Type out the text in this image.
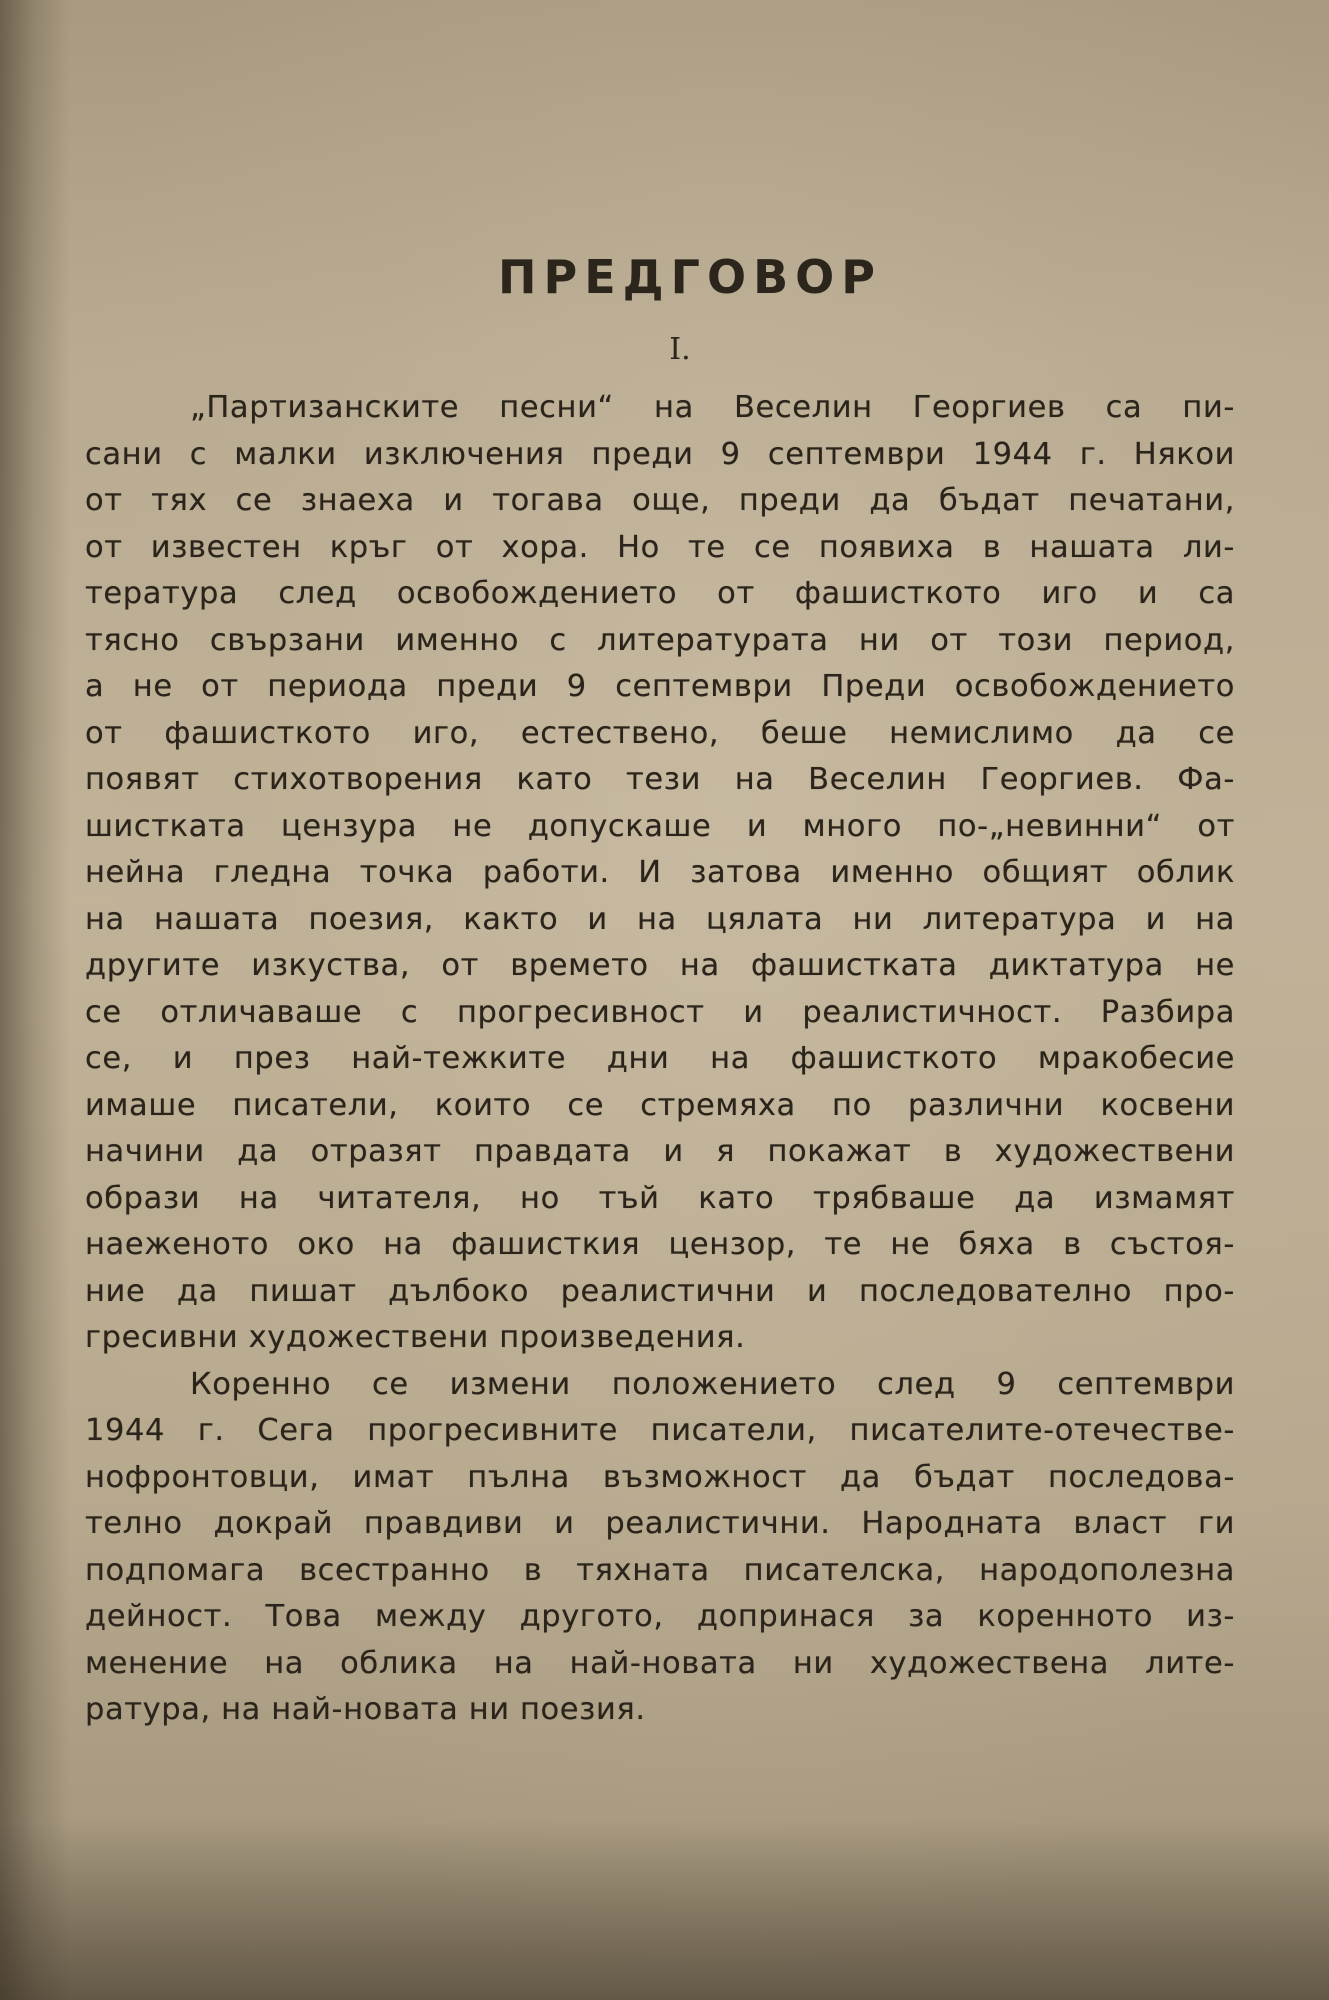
ПРЕДГОВОР
I.
„Партизанските песни“ на Веселин Георгиев са пи-
сани с малки изключения преди 9 септември 1944 г. Някои
от тях се знаеха и тогава още, преди да бъдат печатани,
от известен кръг от хора. Но те се появиха в нашата ли-
тература след освобождението от фашисткото иго и са
тясно свързани именно с литературата ни от този период,
а не от периода преди 9 септември Преди освобождението
от фашисткото иго, естествено, беше немислимо да се
появят стихотворения като тези на Веселин Георгиев. Фа-
шистката цензура не допускаше и много по-„невинни“ от
нейна гледна точка работи. И затова именно общият облик
на нашата поезия, както и на цялата ни литература и на
другите изкуства, от времето на фашистката диктатура не
се отличаваше с прогресивност и реалистичност. Разбира
се, и през най-тежките дни на фашисткото мракобесие
имаше писатели, които се стремяха по различни косвени
начини да отразят правдата и я покажат в художествени
образи на читателя, но тъй като трябваше да измамят
наеженото око на фашисткия цензор, те не бяха в състоя-
ние да пишат дълбоко реалистични и последователно про-
гресивни художествени произведения.
Коренно се измени положението след 9 септември
1944 г. Сега прогресивните писатели, писателите-отечестве-
нофронтовци, имат пълна възможност да бъдат последова-
телно докрай правдиви и реалистични. Народната власт ги
подпомага всестранно в тяхната писателска, народополезна
дейност. Това между другото, допринася за коренното из-
менение на облика на най-новата ни художествена лите-
ратура, на най-новата ни поезия.
